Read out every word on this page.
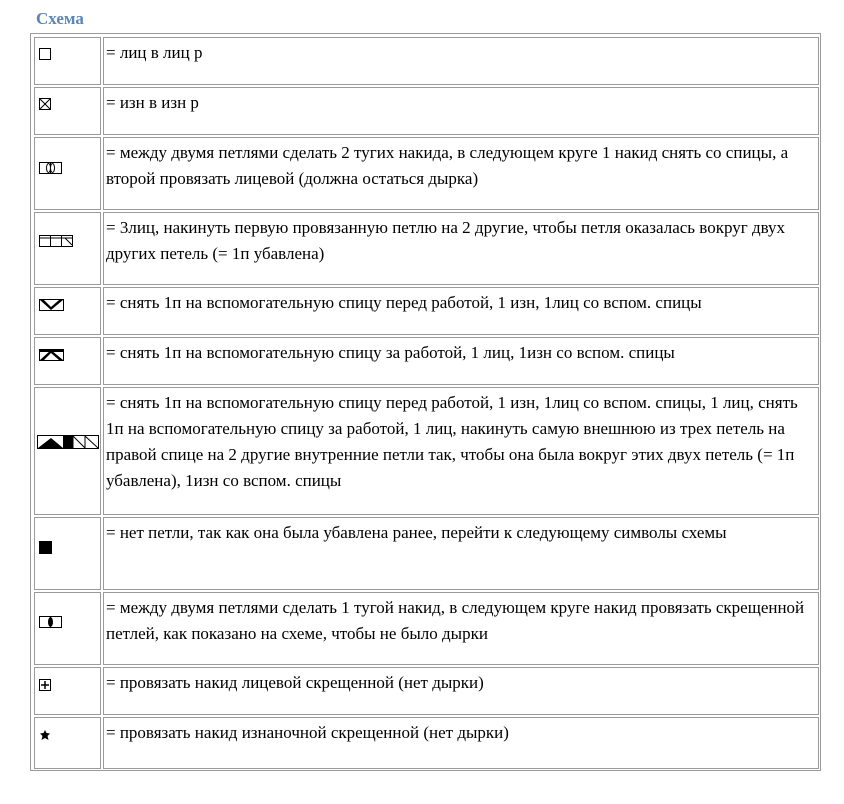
Схема
= лиц в лиц р
= изн в изн р
= между двумя петлями сделать 2 тугих накида, в следующем круге 1 накид снять со спицы, а второй провязать лицевой (должна остаться дырка)
= 3лиц, накинуть первую провязанную петлю на 2 другие, чтобы петля оказалась вокруг двух других петель (= 1п убавлена)
= снять 1п на вспомогательную спицу перед работой, 1 изн, 1лиц со вспом. спицы
= снять 1п на вспомогательную спицу за работой, 1 лиц, 1изн со вспом. спицы
= снять 1п на вспомогательную спицу перед работой, 1 изн, 1лиц со вспом. спицы, 1 лиц, снять 1п на вспомогательную спицу за работой, 1 лиц, накинуть самую внешнюю из трех петель на правой спице на 2 другие внутренние петли так, чтобы она была вокруг этих двух петель (= 1п убавлена), 1изн со вспом. спицы
= нет петли, так как она была убавлена ранее, перейти к следующему символы схемы
= между двумя петлями сделать 1 тугой накид, в следующем круге накид провязать скрещенной петлей, как показано на схеме, чтобы не было дырки
= провязать накид лицевой скрещенной (нет дырки)
= провязать накид изнаночной скрещенной (нет дырки)
